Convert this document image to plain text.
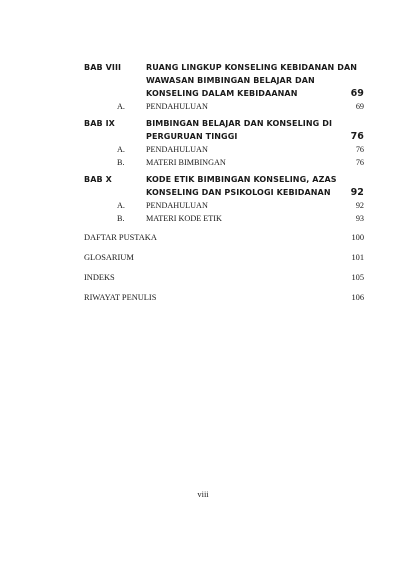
BAB VIII	RUANG LINGKUP KONSELING KEBIDANAN DAN
WAWASAN BIMBINGAN BELAJAR DAN
KONSELING DALAM KEBIDAANAN	69
A.	PENDAHULUAN	69
BAB IX	BIMBINGAN BELAJAR DAN KONSELING DI
PERGURUAN TINGGI	76
A.	PENDAHULUAN	76
B.	MATERI BIMBINGAN	76
BAB X	KODE ETIK BIMBINGAN KONSELING, AZAS
KONSELING DAN PSIKOLOGI KEBIDANAN	92
A.	PENDAHULUAN	92
B.	MATERI KODE ETIK	93
DAFTAR PUSTAKA	100
GLOSARIUM	101
INDEKS	105
RIWAYAT PENULIS	106
viii
